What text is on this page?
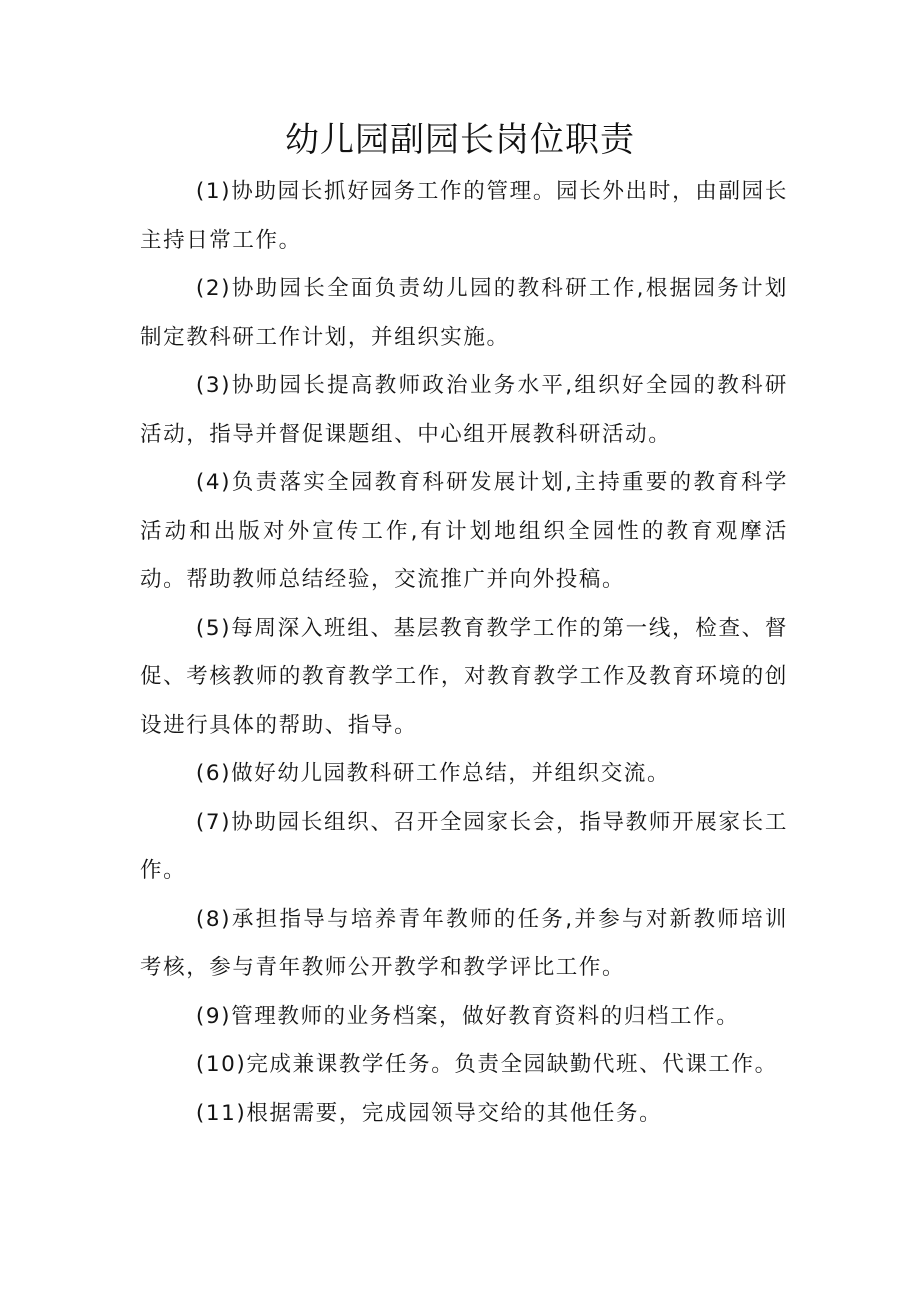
幼儿园副园长岗位职责

(1)协助园长抓好园务工作的管理。园长外出时，由副园长主持日常工作。

(2)协助园长全面负责幼儿园的教科研工作,根据园务计划制定教科研工作计划，并组织实施。

(3)协助园长提高教师政治业务水平,组织好全园的教科研活动，指导并督促课题组、中心组开展教科研活动。

(4)负责落实全园教育科研发展计划,主持重要的教育科学活动和出版对外宣传工作,有计划地组织全园性的教育观摩活动。帮助教师总结经验，交流推广并向外投稿。

(5)每周深入班组、基层教育教学工作的第一线，检查、督促、考核教师的教育教学工作，对教育教学工作及教育环境的创设进行具体的帮助、指导。

(6)做好幼儿园教科研工作总结，并组织交流。

(7)协助园长组织、召开全园家长会，指导教师开展家长工作。

(8)承担指导与培养青年教师的任务,并参与对新教师培训考核，参与青年教师公开教学和教学评比工作。

(9)管理教师的业务档案，做好教育资料的归档工作。

(10)完成兼课教学任务。负责全园缺勤代班、代课工作。

(11)根据需要，完成园领导交给的其他任务。
